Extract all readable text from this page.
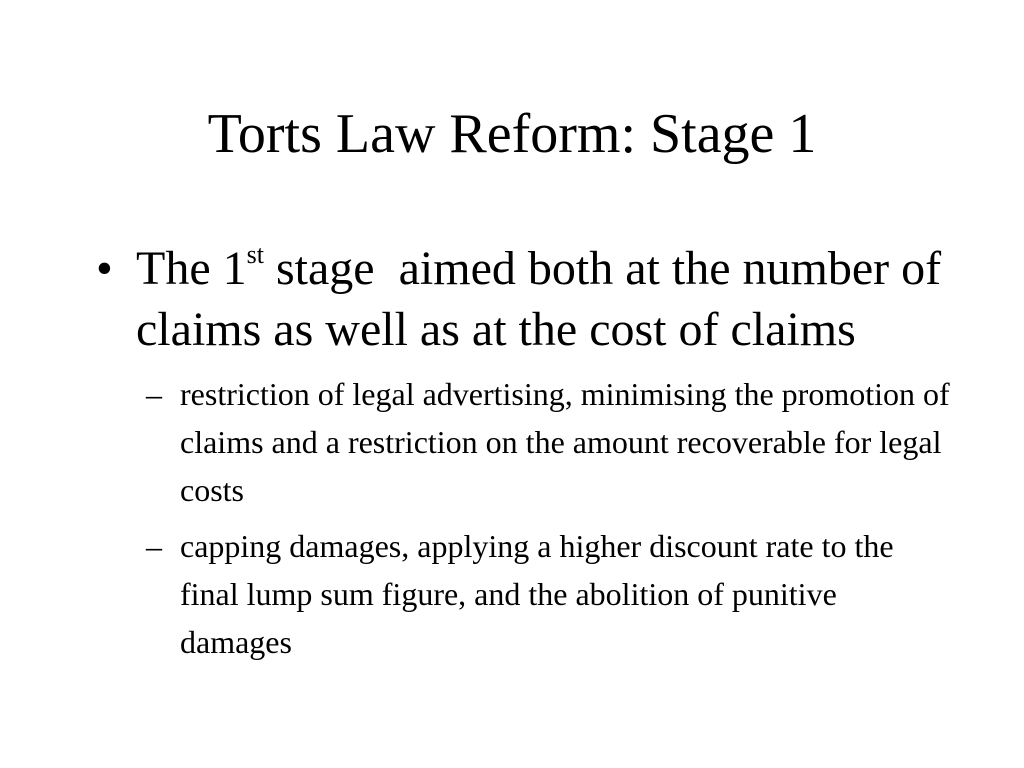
Torts Law Reform: Stage 1
• The 1st stage  aimed both at the number of claims as well as at the cost of claims
– restriction of legal advertising, minimising the promotion of claims and a restriction on the amount recoverable for legal costs
– capping damages, applying a higher discount rate to the final lump sum figure, and the abolition of punitive damages
